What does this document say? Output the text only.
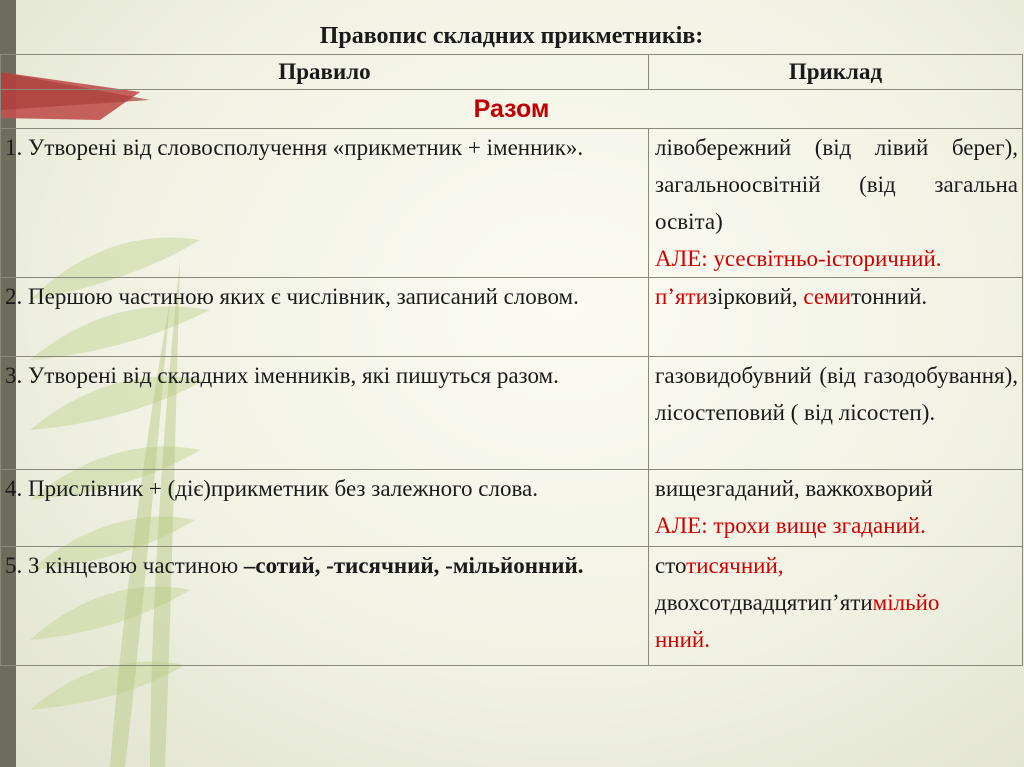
Правопис складних прикметників:	
Правило	Приклад
Разом	
1. Утворені від словосполучення «прикметник + іменник».	лівобережний (від лівий берег), загальноосвітній (від загальна освіта)
АЛЕ: усесвітньо-історичний.
2. Першою частиною яких є числівник, записаний словом.	п’ятизірковий, семитонний.
3. Утворені від складних іменників, які пишуться разом.	газовидобувний (від газодобування), лісостеповий ( від лісостеп).
4. Прислівник + (діє)прикметник без залежного слова.	вищезгаданий, важкохворий
АЛЕ: трохи вище згаданий.
5. З кінцевою частиною –сотий, -тисячний, -мільйонний.	стотисячний,
двохсотдвадцятип’ятимільйо
нний.
